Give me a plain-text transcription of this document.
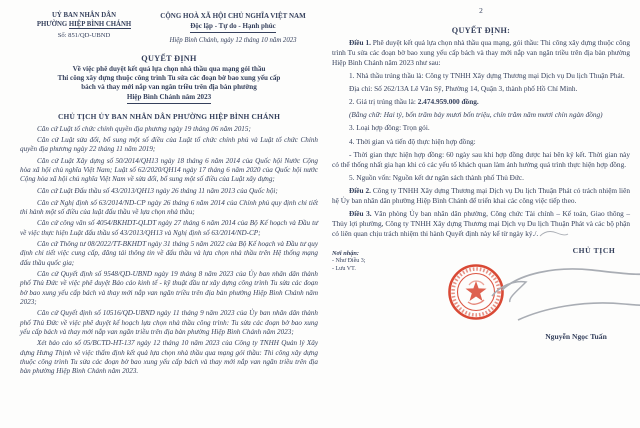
UỶ BAN NHÂN DÂN
PHƯỜNG HIỆP BÌNH CHÁNH
Số: 851/QD-UBND
CỘNG HOÀ XÃ HỘI CHỦ NGHĨA VIỆT NAM
Độc lập - Tự do - Hạnh phúc
Hiệp Bình Chánh, ngày 12 tháng 10 năm 2023
QUYẾT ĐỊNH
Về việc phê duyệt kết quả lựa chọn nhà thầu qua mạng gói thầu
Thi công xây dựng thuộc công trình Tu sửa các đoạn bờ bao xung yếu cấp
bách và thay mới nắp van ngăn triều trên địa bàn phường
Hiệp Bình Chánh năm 2023
CHỦ TỊCH ỦY BAN NHÂN DÂN PHƯỜNG HIỆP BÌNH CHÁNH

Căn cứ Luật tổ chức chính quyền địa phương ngày 19 tháng 06 năm 2015;

Căn cứ Luật sửa đổi, bổ sung một số điều của Luật tổ chức chính phủ và Luật tổ chức Chính quyền địa phương ngày 22 tháng 11 năm 2019;

Căn cứ Luật Xây dựng số 50/2014/QH13 ngày 18 tháng 6 năm 2014 của Quốc hội Nước Cộng hòa xã hội chủ nghĩa Việt Nam; Luật số 62/2020/QH14 ngày 17 tháng 6 năm 2020 của Quốc hội nước Cộng hòa xã hội chủ nghĩa Việt Nam về sửa đổi, bổ sung một số điều của Luật xây dựng;

Căn cứ Luật Đấu thầu số 43/2013/QH13 ngày 26 tháng 11 năm 2013 của Quốc hội;

Căn cứ Nghị định số 63/2014/ND-CP ngày 26 tháng 6 năm 2014 của Chính phủ quy định chi tiết thi hành một số điều của luật đấu thầu về lựa chọn nhà thầu;

Căn cứ công văn số 4054/BKHDT-QLDT ngày 27 tháng 6 năm 2014 của Bộ Kế hoạch và Đầu tư về việc thực hiện Luật đấu thầu số 43/2013/QH13 và Nghị định số 63/2014/ND-CP;

Căn cứ Thông tư 08/2022/TT-BKHDT ngày 31 tháng 5 năm 2022 của Bộ Kế hoạch và Đầu tư quy định chi tiết việc cung cấp, đăng tải thông tin về đấu thầu và lựa chọn nhà thầu trên Hệ thống mạng đấu thầu quốc gia;

Căn cứ Quyết định số 9548/QD-UBND ngày 19 tháng 8 năm 2023 của Ủy ban nhân dân thành phố Thủ Đức về việc phê duyệt Báo cáo kinh tế - kỹ thuật đầu tư xây dựng công trình Tu sửa các đoạn bờ bao xung yếu cấp bách và thay mới nắp van ngăn triều trên địa bàn phường Hiệp Bình Chánh năm 2023;

Căn cứ Quyết định số 10516/QD-UBND ngày 11 tháng 9 năm 2023 của Ủy ban nhân dân thành phố Thủ Đức về việc phê duyệt kế hoạch lựa chọn nhà thầu công trình: Tu sửa các đoạn bờ bao xung yếu cấp bách và thay mới nắp van ngăn triều trên địa bàn phường Hiệp Bình Chánh năm 2023;

Xét báo cáo số 05/BCTD-HT-137 ngày 12 tháng 10 năm 2023 của Công ty TNHH Quản lý Xây dựng Hưng Thịnh về việc thẩm định kết quả lựa chọn nhà thầu qua mạng gói thầu: Thi công xây dựng thuộc công trình Tu sửa các đoạn bờ bao xung yếu cấp bách và thay mới nắp van ngăn triều trên địa bàn phường Hiệp Bình Chánh năm 2023.

2
QUYẾT ĐỊNH:

Điều 1. Phê duyệt kết quả lựa chọn nhà thầu qua mạng, gói thầu: Thi công xây dựng thuộc công trình Tu sửa các đoạn bờ bao xung yếu cấp bách và thay mới nắp van ngăn triều trên địa bàn phường Hiệp Bình Chánh năm 2023 như sau:

1. Nhà thầu trúng thầu là: Công ty TNHH Xây dựng Thương mại Dịch vụ Du lịch Thuận Phát.

Địa chỉ: Số 262/13A Lê Văn Sỹ, Phường 14, Quận 3, thành phố Hồ Chí Minh.

2. Giá trị trúng thầu là: 2.474.959.000 đồng.

(Bằng chữ: Hai tỷ, bốn trăm bảy mươi bốn triệu, chín trăm năm mươi chín ngàn đồng)

3. Loại hợp đồng: Trọn gói.

4. Thời gian và tiến độ thực hiện hợp đồng:

- Thời gian thực hiện hợp đồng: 60 ngày sau khi hợp đồng được hai bên ký kết. Thời gian này có thể thống nhất gia hạn khi có các yếu tố khách quan làm ảnh hưởng quá trình thực hiện hợp đồng.

5. Nguồn vốn: Nguồn kết dư ngân sách thành phố Thủ Đức.

Điều 2. Công ty TNHH Xây dựng Thương mại Dịch vụ Du lịch Thuận Phát có trách nhiệm liên hệ Ủy ban nhân dân phường Hiệp Bình Chánh để triển khai các công việc tiếp theo.

Điều 3. Văn phòng Ủy ban nhân dân phường, Công chức Tài chính – Kế toán, Giao thông – Thủy lợi phường, Công ty TNHH Xây dựng Thương mại Dịch vụ Du lịch Thuận Phát và các bộ phận có liên quan chịu trách nhiệm thi hành Quyết định này kể từ ngày ký./.

Nơi nhận:
- Như Điều 3;
- Lưu VT.
CHỦ TỊCH
Nguyễn Ngọc Tuấn
